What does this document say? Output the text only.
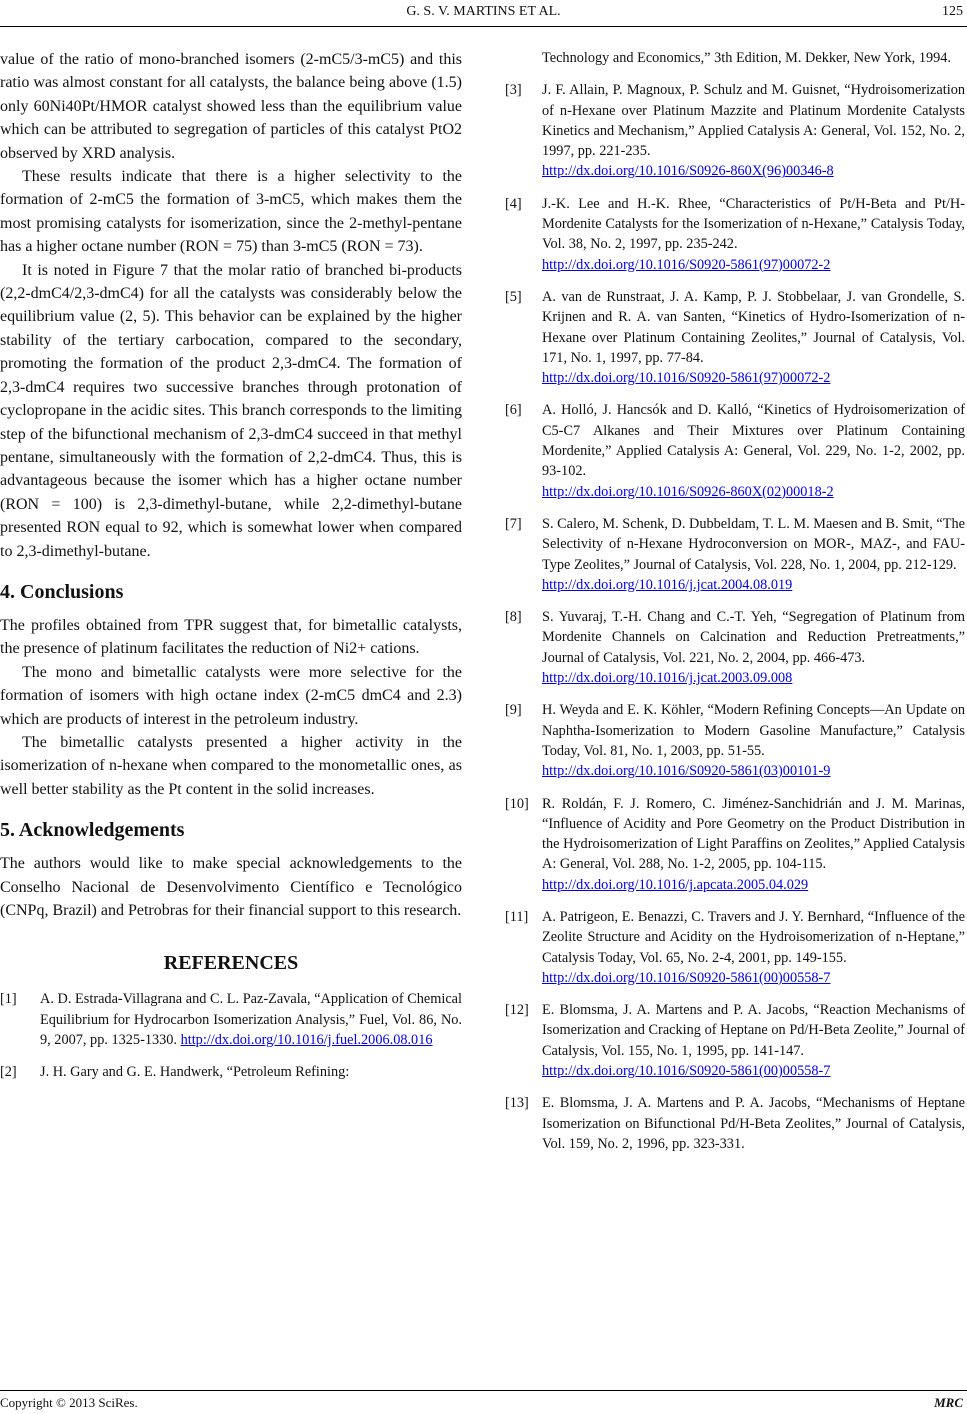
G. S. V. MARTINS ET AL.	125

value of the ratio of mono-branched isomers (2-mC5/3-mC5) and this ratio was almost constant for all catalysts, the balance being above (1.5) only 60Ni40Pt/HMOR catalyst showed less than the equilibrium value which can be attributed to segregation of particles of this catalyst PtO2 observed by XRD analysis.

These results indicate that there is a higher selectivity to the formation of 2-mC5 the formation of 3-mC5, which makes them the most promising catalysts for isomerization, since the 2-methyl-pentane has a higher octane number (RON = 75) than 3-mC5 (RON = 73).

It is noted in Figure 7 that the molar ratio of branched bi-products (2,2-dmC4/2,3-dmC4) for all the catalysts was considerably below the equilibrium value (2, 5). This behavior can be explained by the higher stability of the tertiary carbocation, compared to the secondary, promoting the formation of the product 2,3-dmC4. The formation of 2,3-dmC4 requires two successive branches through protonation of cyclopropane in the acidic sites. This branch corresponds to the limiting step of the bifunctional mechanism of 2,3-dmC4 succeed in that methyl pentane, simultaneously with the formation of 2,2-dmC4. Thus, this is advantageous because the isomer which has a higher octane number (RON = 100) is 2,3-dimethyl-butane, while 2,2-dimethyl-butane presented RON equal to 92, which is somewhat lower when compared to 2,3-dimethyl-butane.

4. Conclusions

The profiles obtained from TPR suggest that, for bimetallic catalysts, the presence of platinum facilitates the reduction of Ni2+ cations.

The mono and bimetallic catalysts were more selective for the formation of isomers with high octane index (2-mC5 dmC4 and 2.3) which are products of interest in the petroleum industry.

The bimetallic catalysts presented a higher activity in the isomerization of n-hexane when compared to the monometallic ones, as well better stability as the Pt content in the solid increases.

5. Acknowledgements

The authors would like to make special acknowledgements to the Conselho Nacional de Desenvolvimento Científico e Tecnológico (CNPq, Brazil) and Petrobras for their financial support to this research.

REFERENCES
[1] A. D. Estrada-Villagrana and C. L. Paz-Zavala, “Application of Chemical Equilibrium for Hydrocarbon Isomerization Analysis,” Fuel, Vol. 86, No. 9, 2007, pp. 1325-1330. http://dx.doi.org/10.1016/j.fuel.2006.08.016
[2] J. H. Gary and G. E. Handwerk, “Petroleum Refining:
Technology and Economics,” 3th Edition, M. Dekker, New York, 1994.
[3] J. F. Allain, P. Magnoux, P. Schulz and M. Guisnet, “Hydroisomerization of n-Hexane over Platinum Mazzite and Platinum Mordenite Catalysts Kinetics and Mechanism,” Applied Catalysis A: General, Vol. 152, No. 2, 1997, pp. 221-235.
http://dx.doi.org/10.1016/S0926-860X(96)00346-8
[4] J.-K. Lee and H.-K. Rhee, “Characteristics of Pt/H-Beta and Pt/H-Mordenite Catalysts for the Isomerization of n-Hexane,” Catalysis Today, Vol. 38, No. 2, 1997, pp. 235-242.
http://dx.doi.org/10.1016/S0920-5861(97)00072-2
[5] A. van de Runstraat, J. A. Kamp, P. J. Stobbelaar, J. van Grondelle, S. Krijnen and R. A. van Santen, “Kinetics of Hydro-Isomerization of n-Hexane over Platinum Containing Zeolites,” Journal of Catalysis, Vol. 171, No. 1, 1997, pp. 77-84.
http://dx.doi.org/10.1016/S0920-5861(97)00072-2
[6] A. Holló, J. Hancsók and D. Kalló, “Kinetics of Hydroisomerization of C5-C7 Alkanes and Their Mixtures over Platinum Containing Mordenite,” Applied Catalysis A: General, Vol. 229, No. 1-2, 2002, pp. 93-102.
http://dx.doi.org/10.1016/S0926-860X(02)00018-2
[7] S. Calero, M. Schenk, D. Dubbeldam, T. L. M. Maesen and B. Smit, “The Selectivity of n-Hexane Hydroconversion on MOR-, MAZ-, and FAU-Type Zeolites,” Journal of Catalysis, Vol. 228, No. 1, 2004, pp. 212-129.
http://dx.doi.org/10.1016/j.jcat.2004.08.019
[8] S. Yuvaraj, T.-H. Chang and C.-T. Yeh, “Segregation of Platinum from Mordenite Channels on Calcination and Reduction Pretreatments,” Journal of Catalysis, Vol. 221, No. 2, 2004, pp. 466-473.
http://dx.doi.org/10.1016/j.jcat.2003.09.008
[9] H. Weyda and E. K. Köhler, “Modern Refining Concepts—An Update on Naphtha-Isomerization to Modern Gasoline Manufacture,” Catalysis Today, Vol. 81, No. 1, 2003, pp. 51-55.
http://dx.doi.org/10.1016/S0920-5861(03)00101-9
[10] R. Roldán, F. J. Romero, C. Jiménez-Sanchidrián and J. M. Marinas, “Influence of Acidity and Pore Geometry on the Product Distribution in the Hydroisomerization of Light Paraffins on Zeolites,” Applied Catalysis A: General, Vol. 288, No. 1-2, 2005, pp. 104-115.
http://dx.doi.org/10.1016/j.apcata.2005.04.029
[11] A. Patrigeon, E. Benazzi, C. Travers and J. Y. Bernhard, “Influence of the Zeolite Structure and Acidity on the Hydroisomerization of n-Heptane,” Catalysis Today, Vol. 65, No. 2-4, 2001, pp. 149-155.
http://dx.doi.org/10.1016/S0920-5861(00)00558-7
[12] E. Blomsma, J. A. Martens and P. A. Jacobs, “Reaction Mechanisms of Isomerization and Cracking of Heptane on Pd/H-Beta Zeolite,” Journal of Catalysis, Vol. 155, No. 1, 1995, pp. 141-147.
http://dx.doi.org/10.1016/S0920-5861(00)00558-7
[13] E. Blomsma, J. A. Martens and P. A. Jacobs, “Mechanisms of Heptane Isomerization on Bifunctional Pd/H-Beta Zeolites,” Journal of Catalysis, Vol. 159, No. 2, 1996, pp. 323-331.
Copyright © 2013 SciRes.	MRC
